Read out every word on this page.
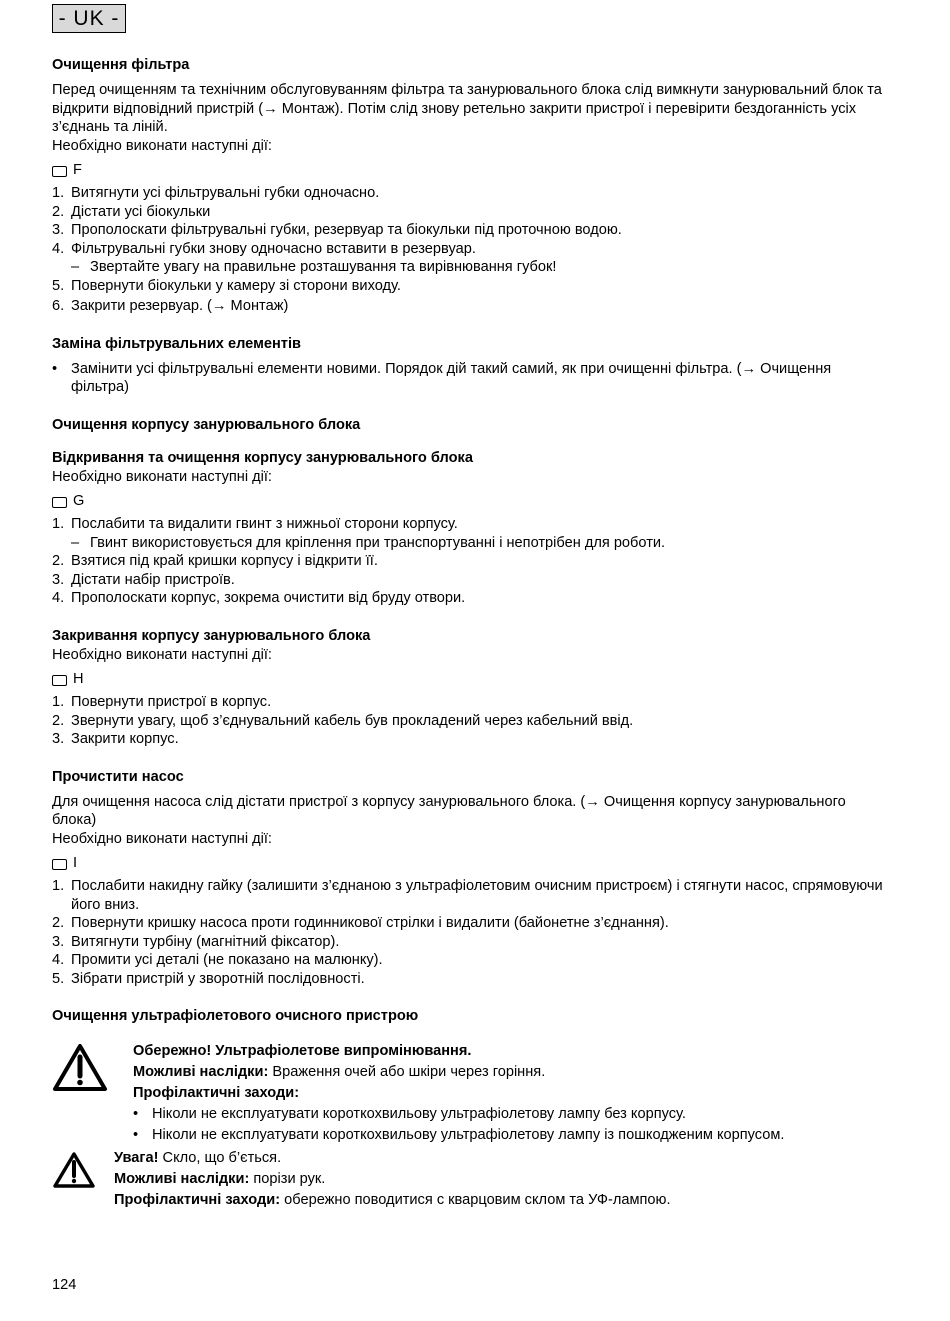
- UK -

Очищення фільтра

Перед очищенням та технічним обслуговуванням фільтра та занурювального блока слід вимкнути занурювальний блок та відкрити відповідний пристрій (→ Монтаж). Потім слід знову ретельно закрити пристрої і перевірити бездоганність усіх з’єднань та ліній.

Необхідно виконати наступні дії:

F
1. Витягнути усі фільтрувальні губки одночасно.
2. Дістати усі біокульки
3. Прополоскати фільтрувальні губки, резервуар та біокульки під проточною водою.
4. Фільтрувальні губки знову одночасно вставити в резервуар.
– Звертайте увагу на правильне розташування та вирівнювання губок!
5. Повернути біокульки у камеру зі сторони виходу.
6. Закрити резервуар. (→ Монтаж)

Заміна фільтрувальних елементів

• Замінити усі фільтрувальні елементи новими. Порядок дій такий самий, як при очищенні фільтра. (→ Очищення фільтра)

Очищення корпусу занурювального блока

Відкривання та очищення корпусу занурювального блока

Необхідно виконати наступні дії:

G
1. Послабити та видалити гвинт з нижньої сторони корпусу.
– Гвинт використовується для кріплення при транспортуванні і непотрібен для роботи.
2. Взятися під край кришки корпусу і відкрити її.
3. Дістати набір пристроїв.
4. Прополоскати корпус, зокрема очистити від бруду отвори.

Закривання корпусу занурювального блока

Необхідно виконати наступні дії:

H
1. Повернути пристрої в корпус.
2. Звернути увагу, щоб з’єднувальний кабель був прокладений через кабельний ввід.
3. Закрити корпус.

Прочистити насос

Для очищення насоса слід дістати пристрої з корпусу занурювального блока. (→ Очищення корпусу занурювального блока)

Необхідно виконати наступні дії:

I
1. Послабити накидну гайку (залишити з’єднаною з ультрафіолетовим очисним пристроєм) і стягнути насос, спрямовуючи його вниз.
2. Повернути кришку насоса проти годинникової стрілки і видалити (байонетне з’єднання).
3. Витягнути турбіну (магнітний фіксатор).
4. Промити усі деталі (не показано на малюнку).
5. Зібрати пристрій у зворотній послідовності.

Очищення ультрафіолетового очисного пристрою

Обережно! Ультрафіолетове випромінювання.

Можливі наслідки: Враження очей або шкіри через горіння.

Профілактичні заходи:

• Ніколи не експлуатувати короткохвильову ультрафіолетову лампу без корпусу.
• Ніколи не експлуатувати короткохвильову ультрафіолетову лампу із пошкодженим корпусом.

Увага! Скло, що б’ється.

Можливі наслідки: порізи рук.

Профілактичні заходи: обережно поводитися с кварцовим склом та УФ-лампою.

124
